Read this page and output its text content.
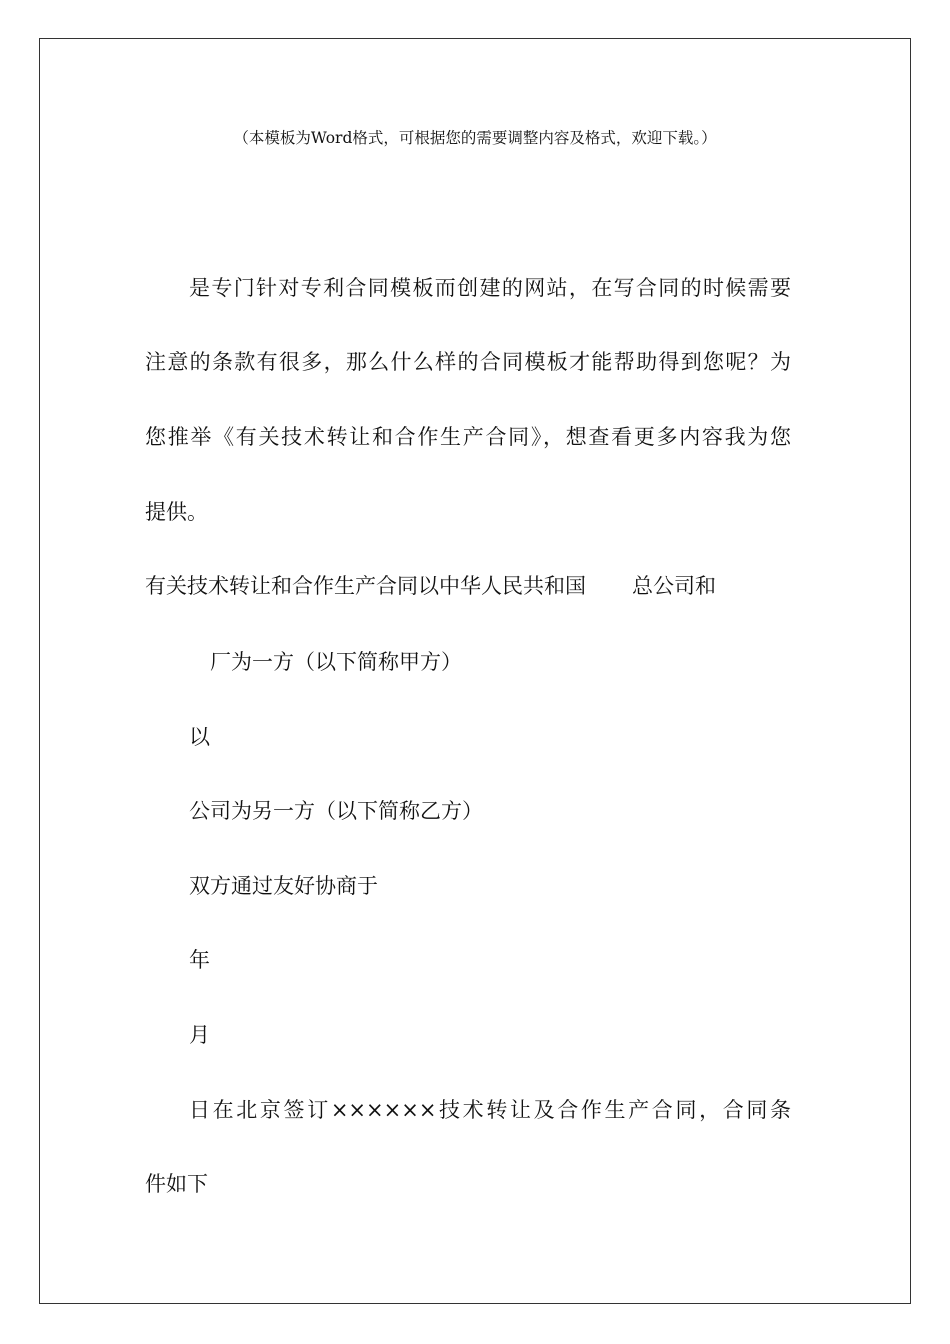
（本模板为Word格式，可根据您的需要调整内容及格式，欢迎下载。）
是专门针对专利合同模板而创建的网站，在写合同的时候需要
注意的条款有很多，那么什么样的合同模板才能帮助得到您呢？为
您推举《有关技术转让和合作生产合同》，想查看更多内容我为您
提供。
有关技术转让和合作生产合同以中华人民共和国 总公司和
厂为一方（以下简称甲方）
以
公司为另一方（以下简称乙方）
双方通过友好协商于
年
月
日在北京签订××××××技术转让及合作生产合同，合同条
件如下
